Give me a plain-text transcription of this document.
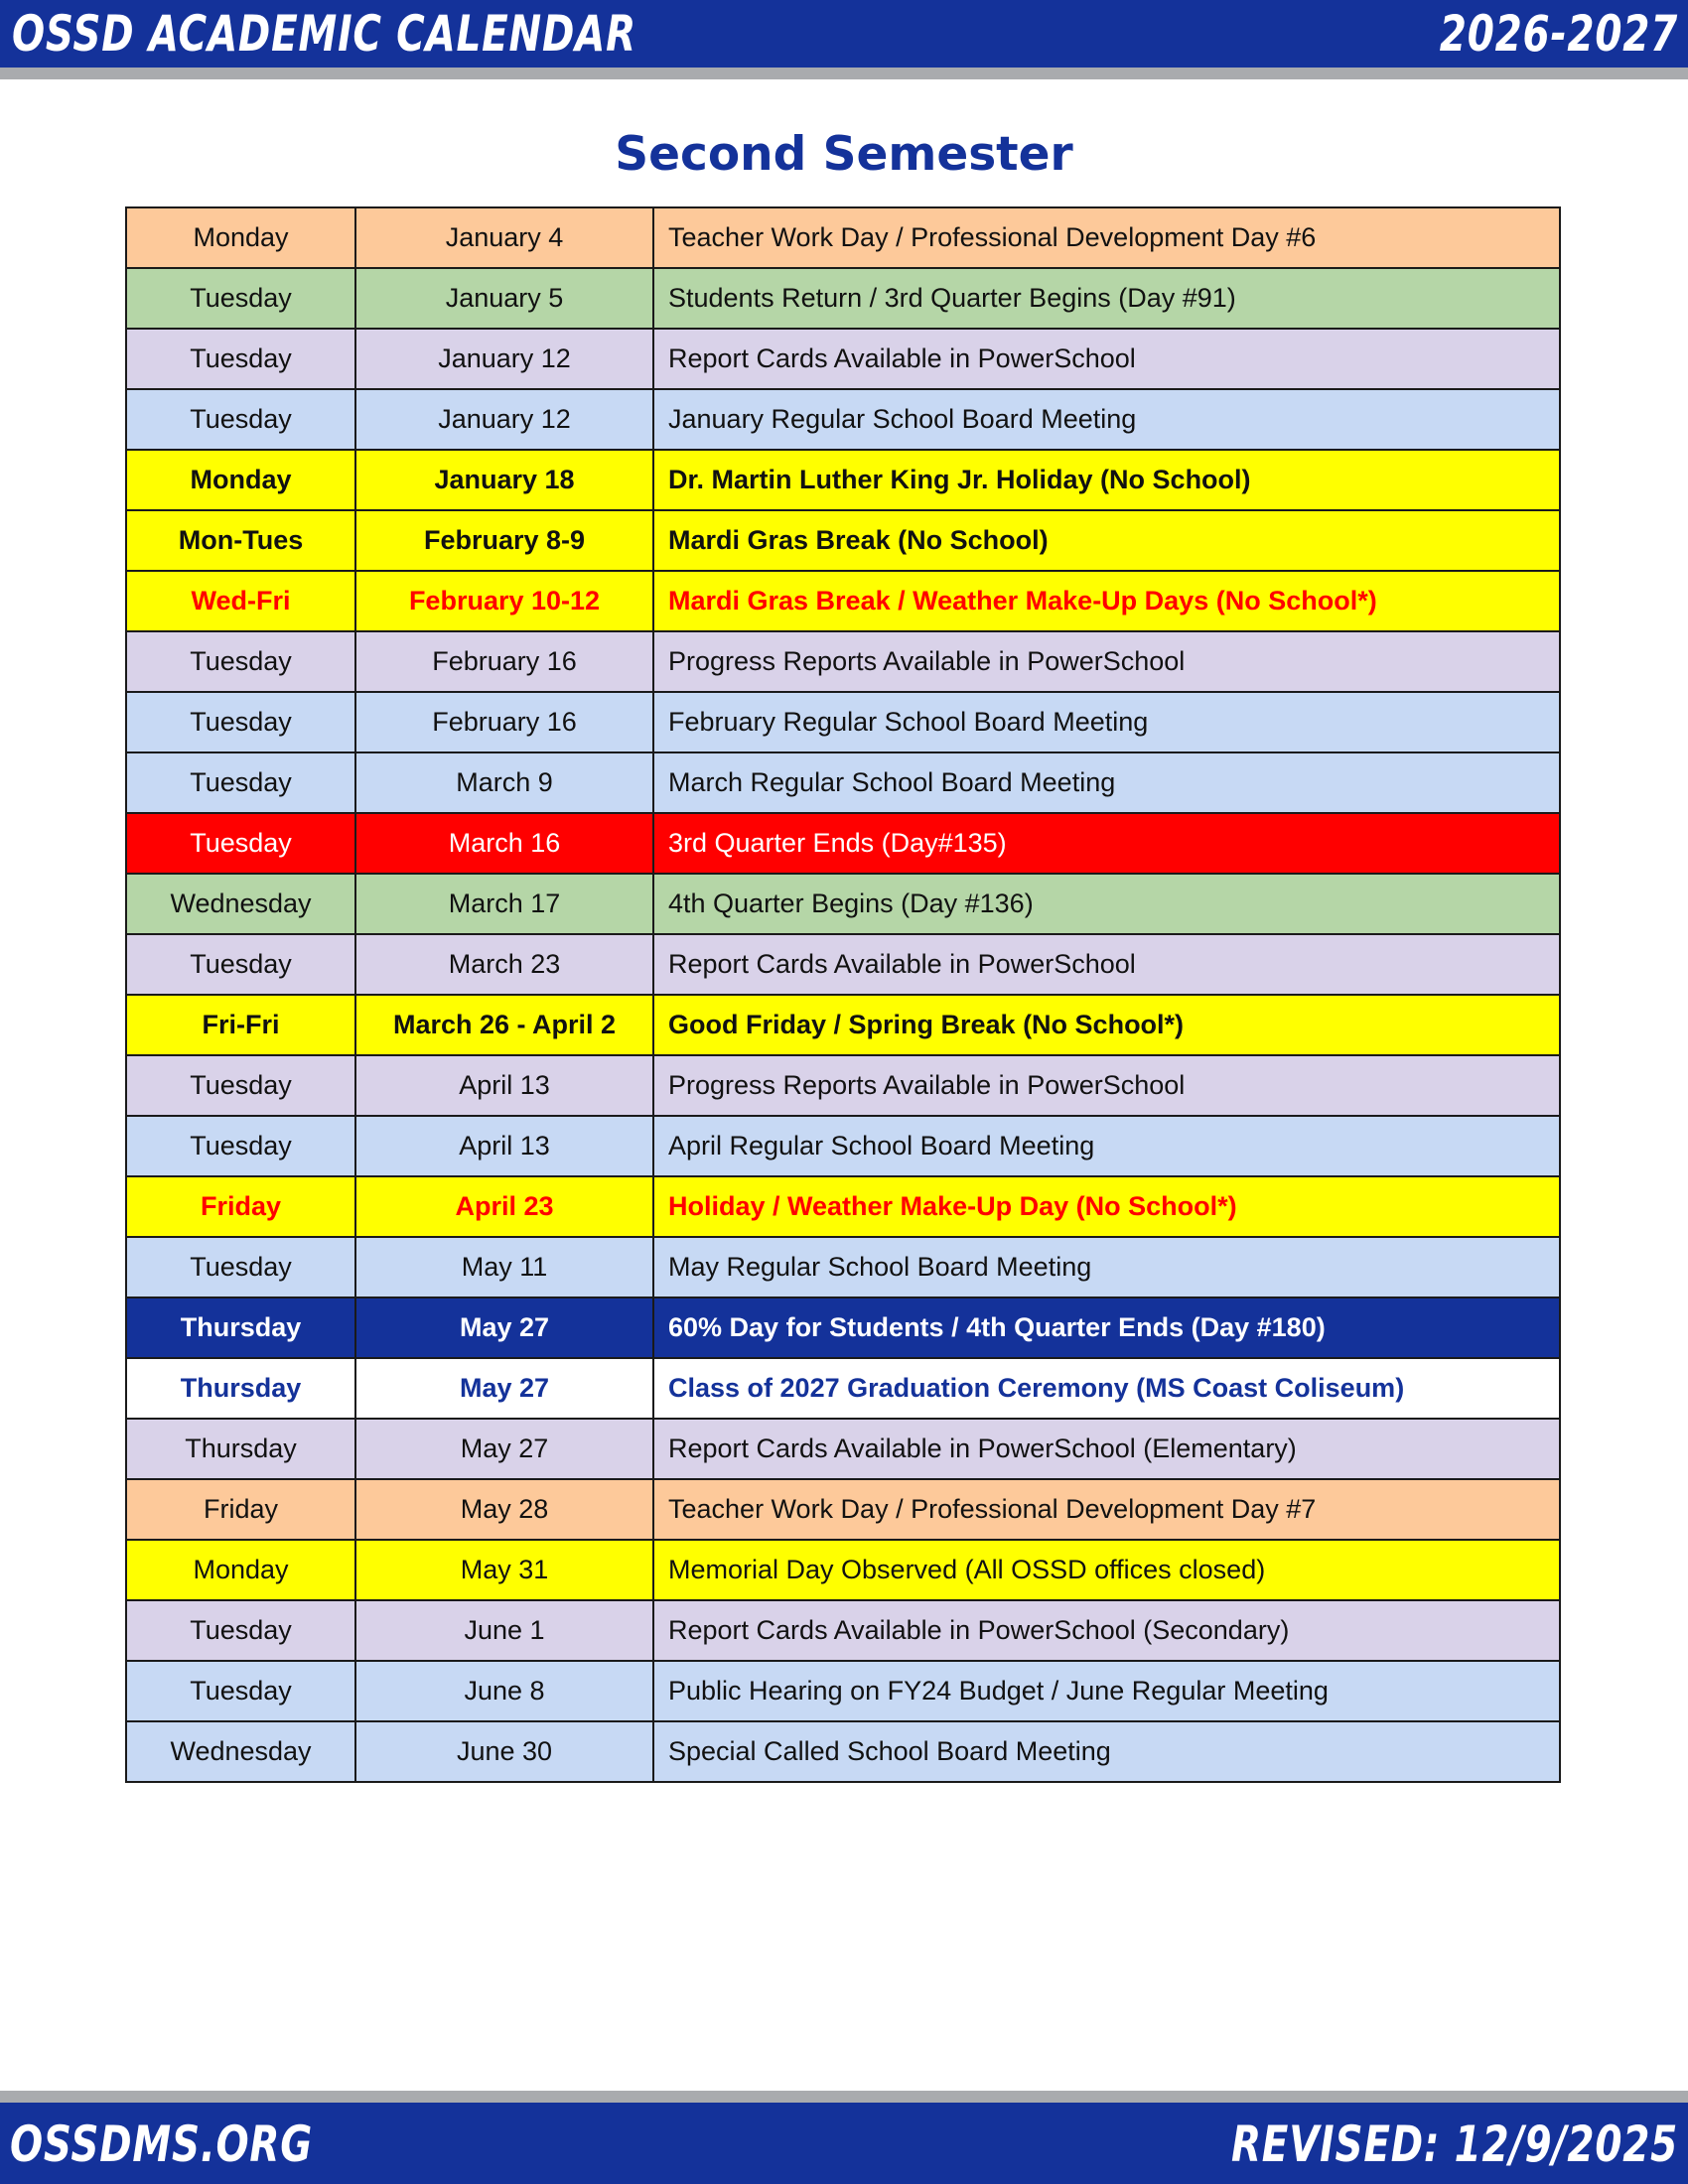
OSSD ACADEMIC CALENDAR	2026-2027
Second Semester
Monday	January 4	Teacher Work Day / Professional Development Day #6
Tuesday	January 5	Students Return / 3rd Quarter Begins (Day #91)
Tuesday	January 12	Report Cards Available in PowerSchool
Tuesday	January 12	January Regular School Board Meeting
Monday	January 18	Dr. Martin Luther King Jr. Holiday (No School)
Mon-Tues	February 8-9	Mardi Gras Break (No School)
Wed-Fri	February 10-12	Mardi Gras Break / Weather Make-Up Days (No School*)
Tuesday	February 16	Progress Reports Available in PowerSchool
Tuesday	February 16	February Regular School Board Meeting
Tuesday	March 9	March Regular School Board Meeting
Tuesday	March 16	3rd Quarter Ends (Day#135)
Wednesday	March 17	4th Quarter Begins (Day #136)
Tuesday	March 23	Report Cards Available in PowerSchool
Fri-Fri	March 26 - April 2	Good Friday / Spring Break (No School*)
Tuesday	April 13	Progress Reports Available in PowerSchool
Tuesday	April 13	April Regular School Board Meeting
Friday	April 23	Holiday / Weather Make-Up Day (No School*)
Tuesday	May 11	May Regular School Board Meeting
Thursday	May 27	60% Day for Students / 4th Quarter Ends (Day #180)
Thursday	May 27	Class of 2027 Graduation Ceremony (MS Coast Coliseum)
Thursday	May 27	Report Cards Available in PowerSchool (Elementary)
Friday	May 28	Teacher Work Day / Professional Development Day #7
Monday	May 31	Memorial Day Observed (All OSSD offices closed)
Tuesday	June 1	Report Cards Available in PowerSchool (Secondary)
Tuesday	June 8	Public Hearing on FY24 Budget / June Regular Meeting
Wednesday	June 30	Special Called School Board Meeting
OSSDMS.ORG	REVISED: 12/9/2025
